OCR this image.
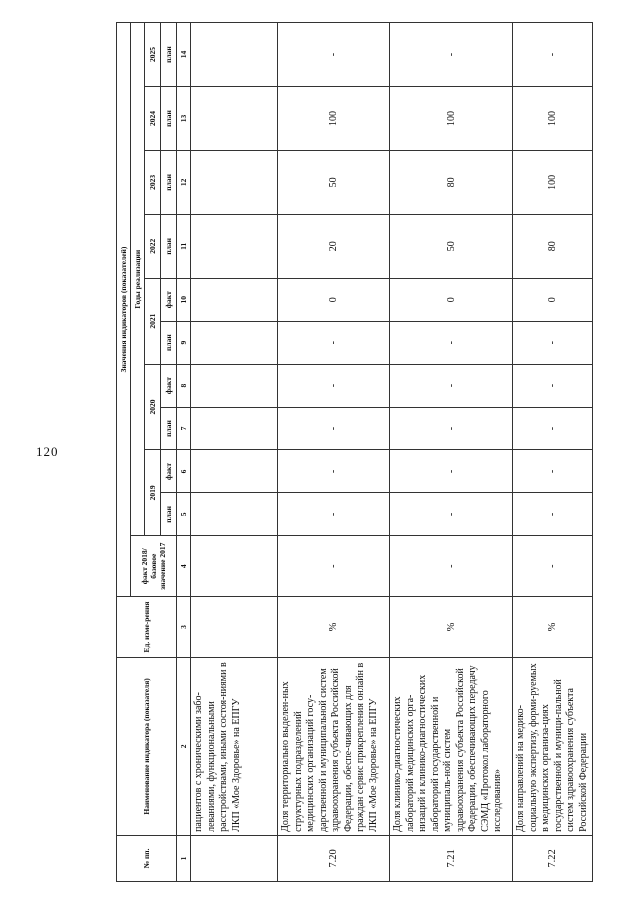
120
№ пп.	Наименование индикатора (показателя)	Ед. изме-рения	Значения индикаторов (показателей)										
			факт 2018/базовое значение 2017	Годы реализации									
				2019		2020		2021		2022	2023	2024	2025
				план	факт	план	факт	план	факт	план	план	план	план
1	2	3	4	5	6	7	8	9	10	11	12	13	14
	пациентов с хроническими забо-леваниями, функциональными расстройствами, иными состоя-ниями в ЛКП «Мое Здоровье» на ЕПГУ												
7.20	Доля территориально выделен-ных структурных подразделений медицинских организаций госу-дарственной и муниципальной систем здравоохранения субъекта Российской Федерации, обеспе-чивающих для граждан сервис прикрепления онлайн в ЛКП «Мое Здоровье» на ЕПГУ	%	-	-	-	-	-	-	0	20	50	100	-
7.21	Доля клинико-диагностических лабораторий медицинских орга-низаций и клинико-диагностических лабораторий государственной и муниципаль-ной систем здравоохранения субъекта Российской Федерации, обеспечивающих передачу СЭМД «Протокол лабораторного исследования»	%	-	-	-	-	-	-	0	50	80	100	-
7.22	Доля направлений на медико-социальную экспертизу, форми-руемых в медицинских организа-циях государственной и муници-пальной систем здравоохранения субъекта Российской Федерации	%	-	-	-	-	-	-	0	80	100	100	-
